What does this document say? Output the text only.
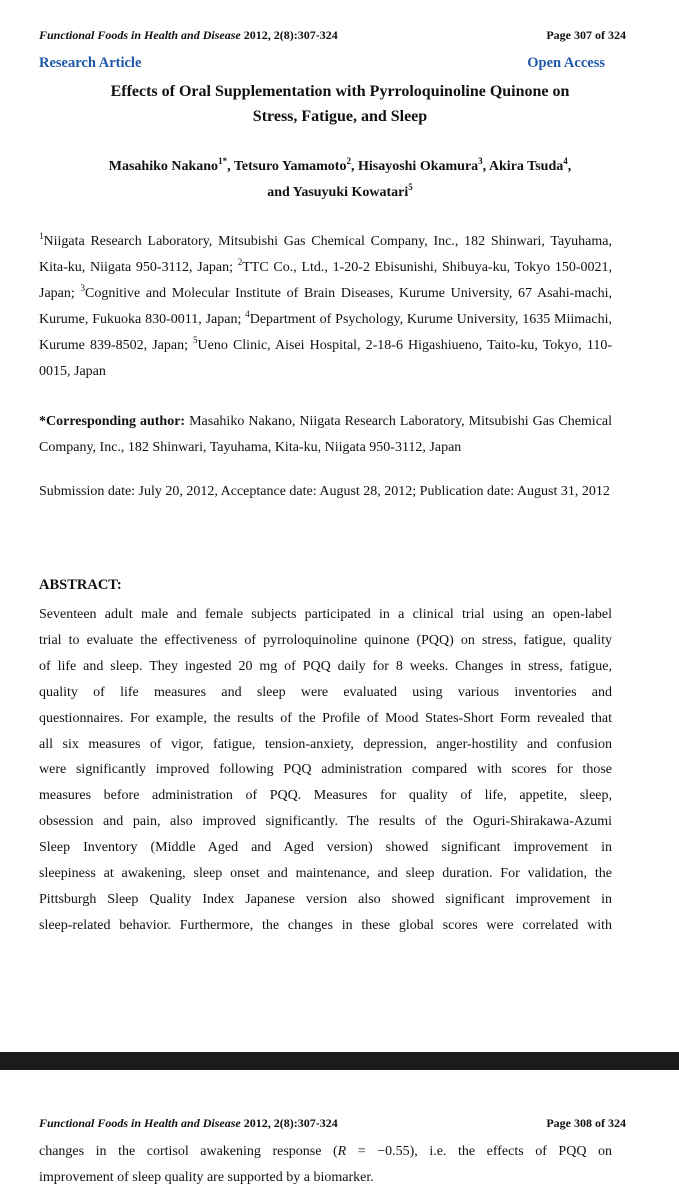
Functional Foods in Health and Disease 2012, 2(8):307-324	Page 307 of 324
Research Article	Open Access
Effects of Oral Supplementation with Pyrroloquinoline Quinone on
Stress, Fatigue, and Sleep
Masahiko Nakano$^{1*}$, Tetsuro Yamamoto$^2$, Hisayoshi Okamura$^3$, Akira Tsuda$^4$,
and Yasuyuki Kowatari$^5$
$^1$Niigata Research Laboratory, Mitsubishi Gas Chemical Company, Inc., 182 Shinwari, Tayuhama, Kita-ku, Niigata 950-3112, Japan; $^2$TTC Co., Ltd., 1-20-2 Ebisunishi, Shibuya-ku, Tokyo 150-0021, Japan; $^3$Cognitive and Molecular Institute of Brain Diseases, Kurume University, 67 Asahi-machi, Kurume, Fukuoka 830-0011, Japan; $^4$Department of Psychology, Kurume University, 1635 Miimachi, Kurume 839-8502, Japan; $^5$Ueno Clinic, Aisei Hospital, 2-18-6 Higashiueno, Taito-ku, Tokyo, 110-0015, Japan
*Corresponding author: Masahiko Nakano, Niigata Research Laboratory, Mitsubishi Gas Chemical Company, Inc., 182 Shinwari, Tayuhama, Kita-ku, Niigata 950-3112, Japan
Submission date: July 20, 2012, Acceptance date: August 28, 2012; Publication date: August 31, 2012
ABSTRACT:
Seventeen adult male and female subjects participated in a clinical trial using an open-label
trial to evaluate the effectiveness of pyrroloquinoline quinone (PQQ) on stress, fatigue, quality
of life and sleep. They ingested 20 mg of PQQ daily for 8 weeks. Changes in stress, fatigue,
quality of life measures and sleep were evaluated using various inventories and
questionnaires. For example, the results of the Profile of Mood States-Short Form revealed that
all six measures of vigor, fatigue, tension-anxiety, depression, anger-hostility and confusion
were significantly improved following PQQ administration compared with scores for those
measures before administration of PQQ. Measures for quality of life, appetite, sleep,
obsession and pain, also improved significantly. The results of the Oguri-Shirakawa-Azumi
Sleep Inventory (Middle Aged and Aged version) showed significant improvement in
sleepiness at awakening, sleep onset and maintenance, and sleep duration. For validation, the
Pittsburgh Sleep Quality Index Japanese version also showed significant improvement in
sleep-related behavior. Furthermore, the changes in these global scores were correlated with
Functional Foods in Health and Disease 2012, 2(8):307-324	Page 308 of 324
changes in the cortisol awakening response (R = −0.55), i.e. the effects of PQQ on
improvement of sleep quality are supported by a biomarker.
